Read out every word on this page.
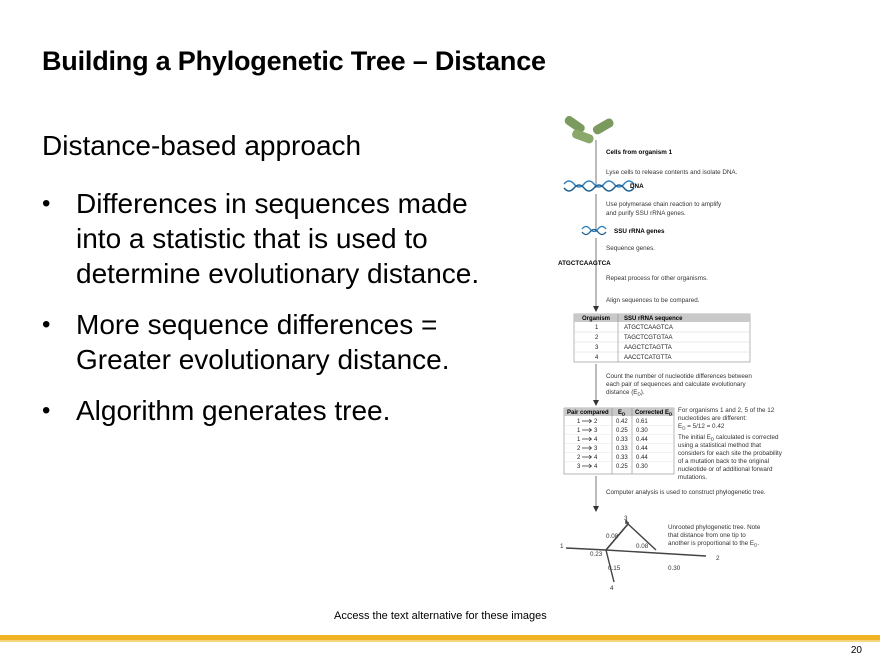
Building a Phylogenetic Tree – Distance
Distance-based approach
• Differences in sequences made into a statistic that is used to determine evolutionary distance.
• More sequence differences = Greater evolutionary distance.
• Algorithm generates tree.
Cells from organism 1
Lyse cells to release contents and isolate DNA.
DNA
Use polymerase chain reaction to amplify
and purify SSU rRNA genes.
SSU rRNA genes
Sequence genes.
ATGCTCAAGTCA
Repeat process for other organisms.
Align sequences to be compared.
Organism SSU rRNA sequence
1	ATGCTCAAGTCA
2	TAGCTCGTGTAA
3	AAGCTCTAGTTA
4	AACCTCATGTTA
Count the number of nucleotide differences between
each pair of sequences and calculate evolutionary
distance $(E_D)$.
Pair compared $E_D$ Corrected $E_D$
1 2	0.42 0.61
1 3	0.25 0.30
1 4	0.33 0.44
2 3	0.33 0.44
2 4	0.33 0.44
3 4	0.25 0.30
For organisms 1 and 2, 5 of the 12
nucleotides are different:
$E_D = 5/12 = 0.42$
The initial $E_D$ calculated is corrected
using a statistical method that
considers for each site the probability
of a mutation back to the original
nucleotide or of additional forward
mutations.
Computer analysis is used to construct phylogenetic tree.
1
2
3
4
0.08
0.08
0.23
0.15	0.30
Unrooted phylogenetic tree. Note
that distance from one tip to
another is proportional to the $E_D$.
Access the text alternative for these images
20
